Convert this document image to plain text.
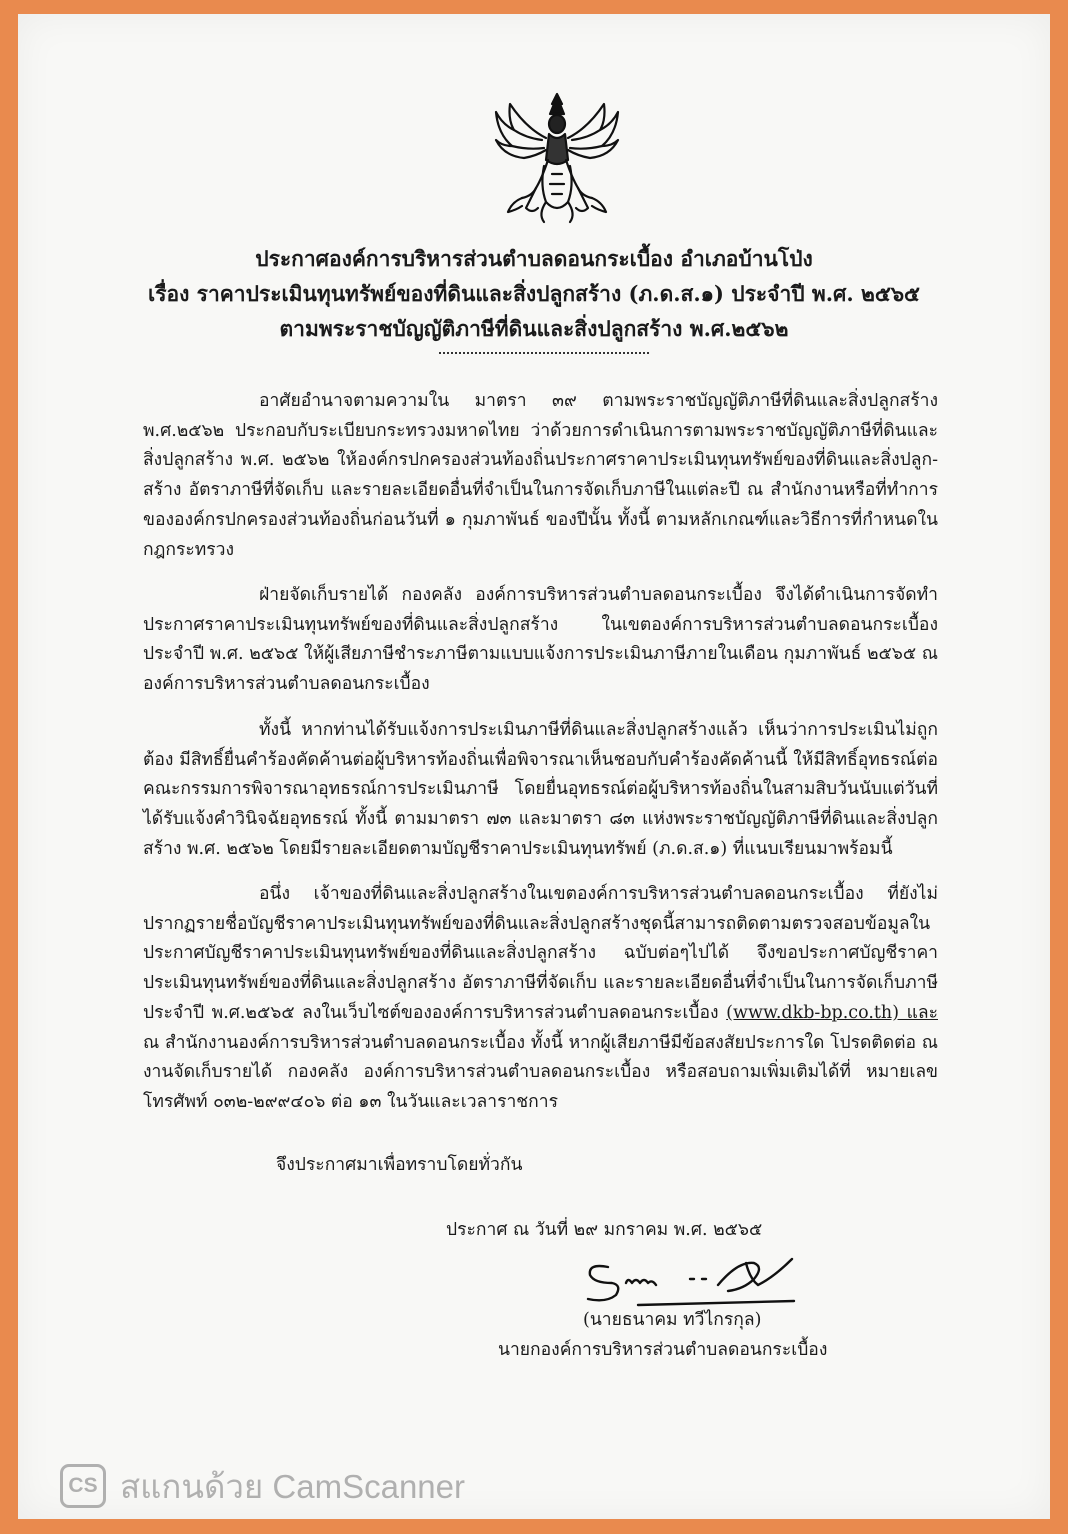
ประกาศองค์การบริหารส่วนตำบลดอนกระเบื้อง อำเภอบ้านโป่ง
เรื่อง ราคาประเมินทุนทรัพย์ของที่ดินและสิ่งปลูกสร้าง (ภ.ด.ส.๑) ประจำปี พ.ศ. ๒๕๖๕
ตามพระราชบัญญัติภาษีที่ดินและสิ่งปลูกสร้าง พ.ศ.๒๕๖๒

อาศัยอำนาจตามความใน มาตรา ๓๙ ตามพระราชบัญญัติภาษีที่ดินและสิ่งปลูกสร้าง พ.ศ.๒๕๖๒ ประกอบกับระเบียบกระทรวงมหาดไทย ว่าด้วยการดำเนินการตามพระราชบัญญัติภาษีที่ดินและสิ่งปลูกสร้าง พ.ศ. ๒๕๖๒ ให้องค์กรปกครองส่วนท้องถิ่นประกาศราคาประเมินทุนทรัพย์ของที่ดินและสิ่งปลูก-สร้าง อัตราภาษีที่จัดเก็บ และรายละเอียดอื่นที่จำเป็นในการจัดเก็บภาษีในแต่ละปี ณ สำนักงานหรือที่ทำการขององค์กรปกครองส่วนท้องถิ่นก่อนวันที่ ๑ กุมภาพันธ์ ของปีนั้น ทั้งนี้ ตามหลักเกณฑ์และวิธีการที่กำหนดในกฎกระทรวง

ฝ่ายจัดเก็บรายได้ กองคลัง องค์การบริหารส่วนตำบลดอนกระเบื้อง จึงได้ดำเนินการจัดทำประกาศราคาประเมินทุนทรัพย์ของที่ดินและสิ่งปลูกสร้าง ในเขตองค์การบริหารส่วนตำบลดอนกระเบื้อง ประจำปี พ.ศ. ๒๕๖๕ ให้ผู้เสียภาษีชำระภาษีตามแบบแจ้งการประเมินภาษีภายในเดือน กุมภาพันธ์ ๒๕๖๕ ณ องค์การบริหารส่วนตำบลดอนกระเบื้อง

ทั้งนี้ หากท่านได้รับแจ้งการประเมินภาษีที่ดินและสิ่งปลูกสร้างแล้ว เห็นว่าการประเมินไม่ถูกต้อง มีสิทธิ์ยื่นคำร้องคัดค้านต่อผู้บริหารท้องถิ่นเพื่อพิจารณาเห็นชอบกับคำร้องคัดค้านนี้ ให้มีสิทธิ์อุทธรณ์ต่อคณะกรรมการพิจารณาอุทธรณ์การประเมินภาษี โดยยื่นอุทธรณ์ต่อผู้บริหารท้องถิ่นในสามสิบวันนับแต่วันที่ได้รับแจ้งคำวินิจฉัยอุทธรณ์ ทั้งนี้ ตามมาตรา ๗๓ และมาตรา ๘๓ แห่งพระราชบัญญัติภาษีที่ดินและสิ่งปลูกสร้าง พ.ศ. ๒๕๖๒ โดยมีรายละเอียดตามบัญชีราคาประเมินทุนทรัพย์ (ภ.ด.ส.๑) ที่แนบเรียนมาพร้อมนี้

อนึ่ง เจ้าของที่ดินและสิ่งปลูกสร้างในเขตองค์การบริหารส่วนตำบลดอนกระเบื้อง ที่ยังไม่ปรากฏรายชื่อบัญชีราคาประเมินทุนทรัพย์ของที่ดินและสิ่งปลูกสร้างชุดนี้สามารถติดตามตรวจสอบข้อมูลในประกาศบัญชีราคาประเมินทุนทรัพย์ของที่ดินและสิ่งปลูกสร้าง ฉบับต่อๆไปได้ จึงขอประกาศบัญชีราคาประเมินทุนทรัพย์ของที่ดินและสิ่งปลูกสร้าง อัตราภาษีที่จัดเก็บ และรายละเอียดอื่นที่จำเป็นในการจัดเก็บภาษี ประจำปี พ.ศ.๒๕๖๕ ลงในเว็บไซต์ขององค์การบริหารส่วนตำบลดอนกระเบื้อง (www.dkb-bp.co.th) และ ณ สำนักงานองค์การบริหารส่วนตำบลดอนกระเบื้อง ทั้งนี้ หากผู้เสียภาษีมีข้อสงสัยประการใด โปรดติดต่อ ณ งานจัดเก็บรายได้ กองคลัง องค์การบริหารส่วนตำบลดอนกระเบื้อง หรือสอบถามเพิ่มเติมได้ที่ หมายเลขโทรศัพท์ ๐๓๒-๒๙๙๔๐๖ ต่อ ๑๓ ในวันและเวลาราชการ

จึงประกาศมาเพื่อทราบโดยทั่วกัน
ประกาศ ณ วันที่ ๒๙ มกราคม พ.ศ. ๒๕๖๕
(นายธนาคม ทวีไกรกุล)
นายกองค์การบริหารส่วนตำบลดอนกระเบื้อง
CS สแกนด้วย CamScanner
